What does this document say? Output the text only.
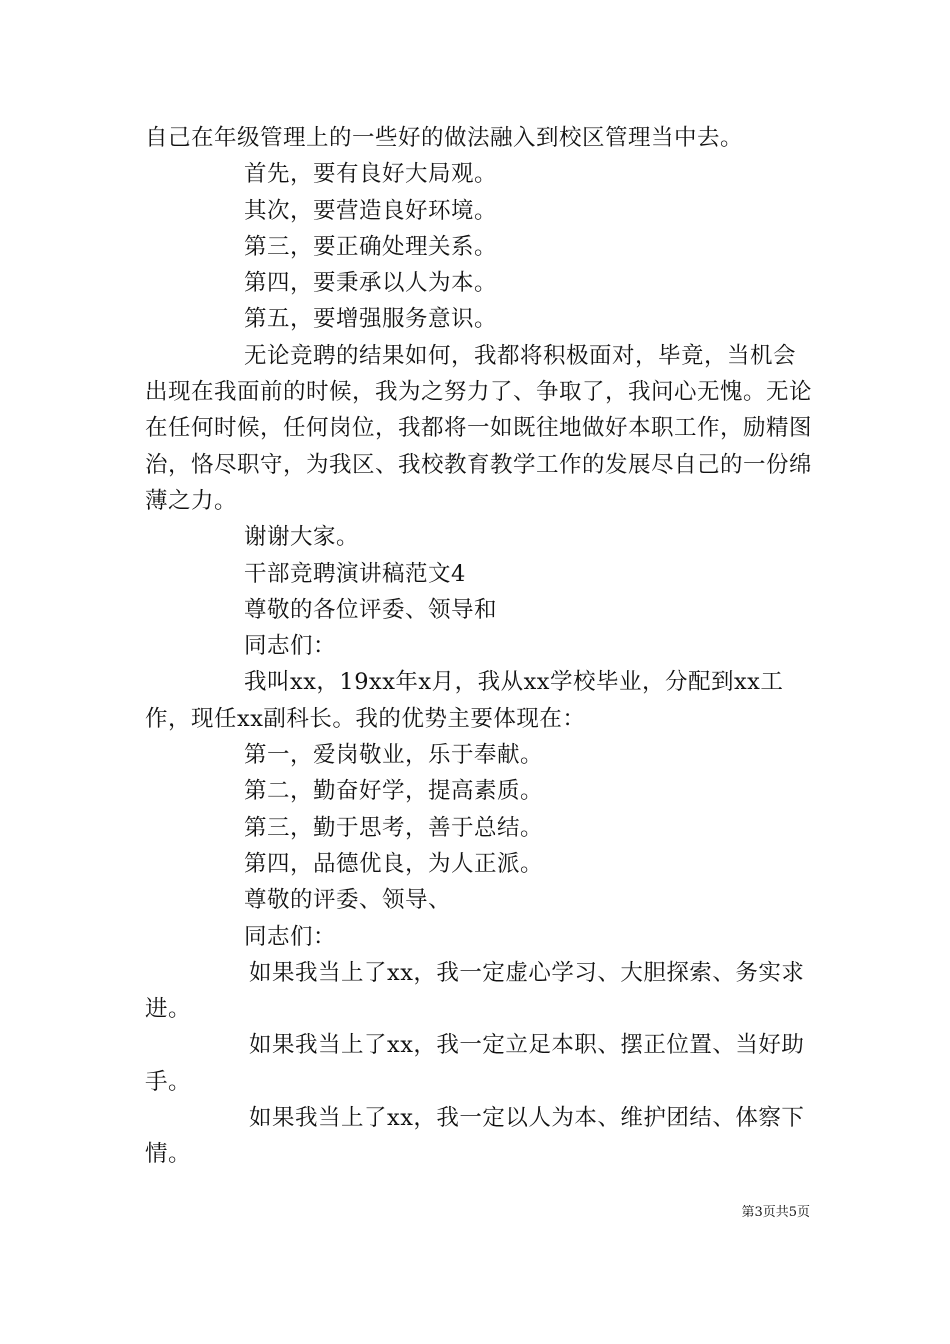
自己在年级管理上的一些好的做法融入到校区管理当中去。

首先，要有良好大局观。

其次，要营造良好环境。

第三，要正确处理关系。

第四，要秉承以人为本。

第五，要增强服务意识。

无论竞聘的结果如何，我都将积极面对，毕竟，当机会出现在我面前的时候，我为之努力了、争取了，我问心无愧。无论在任何时候，任何岗位，我都将一如既往地做好本职工作，励精图治，恪尽职守，为我区、我校教育教学工作的发展尽自己的一份绵薄之力。

谢谢大家。

干部竞聘演讲稿范文4

尊敬的各位评委、领导和

同志们：

我叫xx，19xx年x月，我从xx学校毕业，分配到xx工作，现任xx副科长。我的优势主要体现在：

第一，爱岗敬业，乐于奉献。

第二，勤奋好学，提高素质。

第三，勤于思考，善于总结。

第四，品德优良，为人正派。

尊敬的评委、领导、

同志们：

如果我当上了xx，我一定虚心学习、大胆探索、务实求进。

如果我当上了xx，我一定立足本职、摆正位置、当好助手。

如果我当上了xx，我一定以人为本、维护团结、体察下情。

第3页共5页
